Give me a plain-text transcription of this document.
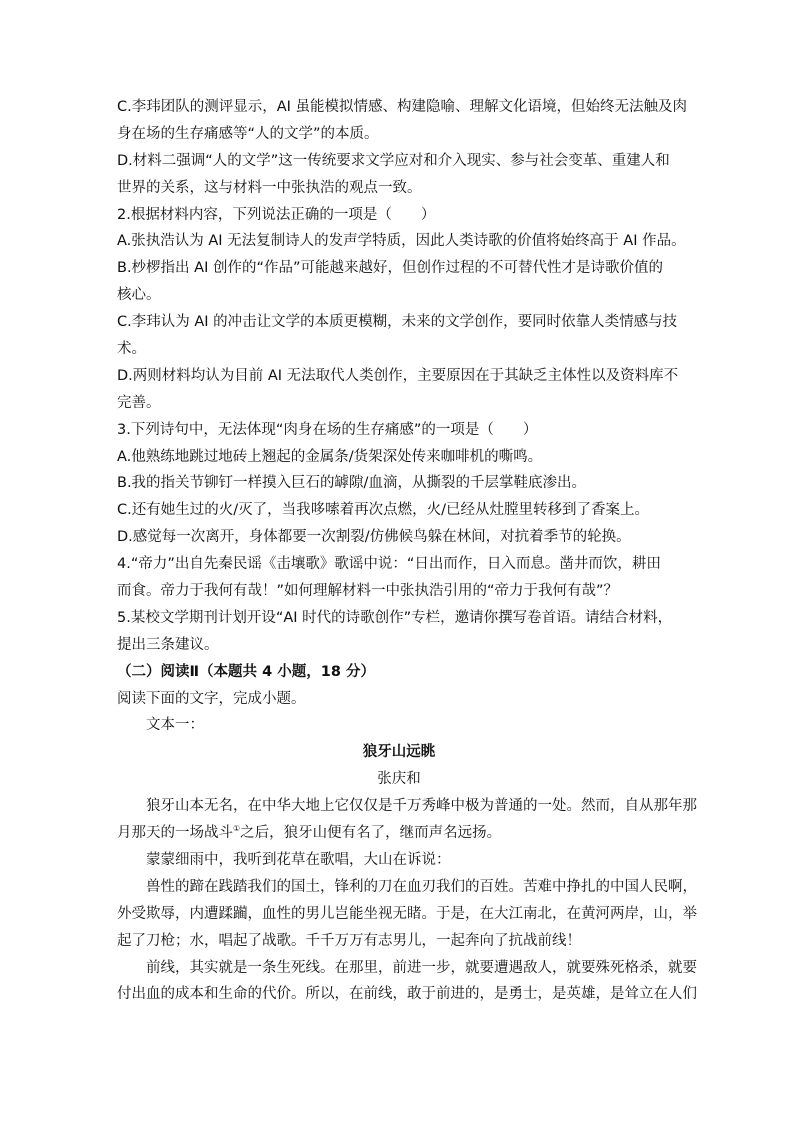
C.李玮团队的测评显示，AI 虽能模拟情感、构建隐喻、理解文化语境，但始终无法触及肉
身在场的生存痛感等“人的文学”的本质。
D.材料二强调“人的文学”这一传统要求文学应对和介入现实、参与社会变革、重建人和
世界的关系，这与材料一中张执浩的观点一致。
2.根据材料内容，下列说法正确的一项是（　　）
A.张执浩认为 AI 无法复制诗人的发声学特质，因此人类诗歌的价值将始终高于 AI 作品。
B.杪椤指出 AI 创作的“作品”可能越来越好，但创作过程的不可替代性才是诗歌价值的
核心。
C.李玮认为 AI 的冲击让文学的本质更模糊，未来的文学创作，要同时依靠人类情感与技
术。
D.两则材料均认为目前 AI 无法取代人类创作，主要原因在于其缺乏主体性以及资料库不
完善。
3.下列诗句中，无法体现“肉身在场的生存痛感”的一项是（　　）
A.他熟练地跳过地砖上翘起的金属条/货架深处传来咖啡机的嘶鸣。
B.我的指关节铆钉一样摸入巨石的罅隙/血滴，从撕裂的千层掌鞋底渗出。
C.还有她生过的火/灭了，当我哆嗦着再次点燃，火/已经从灶膛里转移到了香案上。
D.感觉每一次离开，身体都要一次割裂/仿佛候鸟躲在林间，对抗着季节的轮换。
4.“帝力”出自先秦民谣《击壤歌》歌谣中说：“日出而作，日入而息。凿井而饮，耕田
而食。帝力于我何有哉！”如何理解材料一中张执浩引用的“帝力于我何有哉”？
5.某校文学期刊计划开设“AI 时代的诗歌创作”专栏，邀请你撰写卷首语。请结合材料，
提出三条建议。
（二）阅读Ⅱ（本题共 4 小题，18 分）
阅读下面的文字，完成小题。
文本一：
狼牙山远眺
张庆和
狼牙山本无名，在中华大地上它仅仅是千万秀峰中极为普通的一处。然而，自从那年那
月那天的一场战斗①之后，狼牙山便有名了，继而声名远扬。
蒙蒙细雨中，我听到花草在歌唱，大山在诉说：
兽性的蹄在践踏我们的国土，锋利的刀在血刃我们的百姓。苦难中挣扎的中国人民啊，
外受欺辱，内遭蹂躏，血性的男儿岂能坐视无睹。于是，在大江南北，在黄河两岸，山，举
起了刀枪；水，唱起了战歌。千千万万有志男儿，一起奔向了抗战前线！
前线，其实就是一条生死线。在那里，前进一步，就要遭遇敌人，就要殊死格杀，就要
付出血的成本和生命的代价。所以，在前线，敢于前进的，是勇士，是英雄，是耸立在人们
